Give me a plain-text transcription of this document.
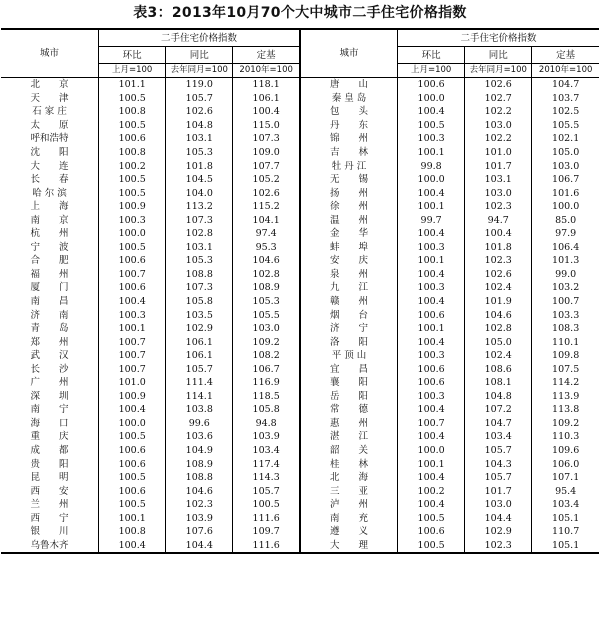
表3：2013年10月70个大中城市二手住宅价格指数
城市	二手住宅价格指数			城市	二手住宅价格指数		
	环比	同比	定基		环比	同比	定基
	上月=100	去年同月=100	2010年=100		上月=100	去年同月=100	2010年=100
北　　京	101.1	119.0	118.1	唐　　山	100.6	102.6	104.7
天　　津	100.5	105.7	106.1	秦 皇 岛	100.0	102.7	103.7
石 家 庄	100.8	102.6	100.4	包　　头	100.4	102.2	102.5
太　　原	100.5	104.8	115.0	丹　　东	100.5	103.0	105.5
呼和浩特	100.6	103.1	107.3	锦　　州	100.3	102.2	102.1
沈　　阳	100.8	105.3	109.0	吉　　林	100.1	101.0	105.0
大　　连	100.2	101.8	107.7	牡 丹 江	99.8	101.7	103.0
长　　春	100.5	104.5	105.2	无　　锡	100.0	103.1	106.7
哈 尔 滨	100.5	104.0	102.6	扬　　州	100.4	103.0	101.6
上　　海	100.9	113.2	115.2	徐　　州	100.1	102.3	100.0
南　　京	100.3	107.3	104.1	温　　州	99.7	94.7	85.0
杭　　州	100.0	102.8	97.4	金　　华	100.4	100.4	97.9
宁　　波	100.5	103.1	95.3	蚌　　埠	100.3	101.8	106.4
合　　肥	100.6	105.3	104.6	安　　庆	100.1	102.3	101.3
福　　州	100.7	108.8	102.8	泉　　州	100.4	102.6	99.0
厦　　门	100.6	107.3	108.9	九　　江	100.3	102.4	103.2
南　　昌	100.4	105.8	105.3	赣　　州	100.4	101.9	100.7
济　　南	100.3	103.5	105.5	烟　　台	100.6	104.6	103.3
青　　岛	100.1	102.9	103.0	济　　宁	100.1	102.8	108.3
郑　　州	100.7	106.1	109.2	洛　　阳	100.4	105.0	110.1
武　　汉	100.7	106.1	108.2	平 顶 山	100.3	102.4	109.8
长　　沙	100.7	105.7	106.7	宜　　昌	100.6	108.6	107.5
广　　州	101.0	111.4	116.9	襄　　阳	100.6	108.1	114.2
深　　圳	100.9	114.1	118.5	岳　　阳	100.3	104.8	113.9
南　　宁	100.4	103.8	105.8	常　　德	100.4	107.2	113.8
海　　口	100.0	99.6	94.8	惠　　州	100.7	104.7	109.2
重　　庆	100.5	103.6	103.9	湛　　江	100.4	103.4	110.3
成　　都	100.6	104.9	103.4	韶　　关	100.0	105.7	109.6
贵　　阳	100.6	108.9	117.4	桂　　林	100.1	104.3	106.0
昆　　明	100.5	108.8	114.3	北　　海	100.4	105.7	107.1
西　　安	100.6	104.6	105.7	三　　亚	100.2	101.7	95.4
兰　　州	100.5	102.3	100.5	泸　　州	100.4	103.0	103.4
西　　宁	100.1	103.9	111.6	南　　充	100.5	104.4	105.1
银　　川	100.8	107.6	109.7	遵　　义	100.6	102.9	110.7
乌鲁木齐	100.4	104.4	111.6	大　　理	100.5	102.3	105.1
